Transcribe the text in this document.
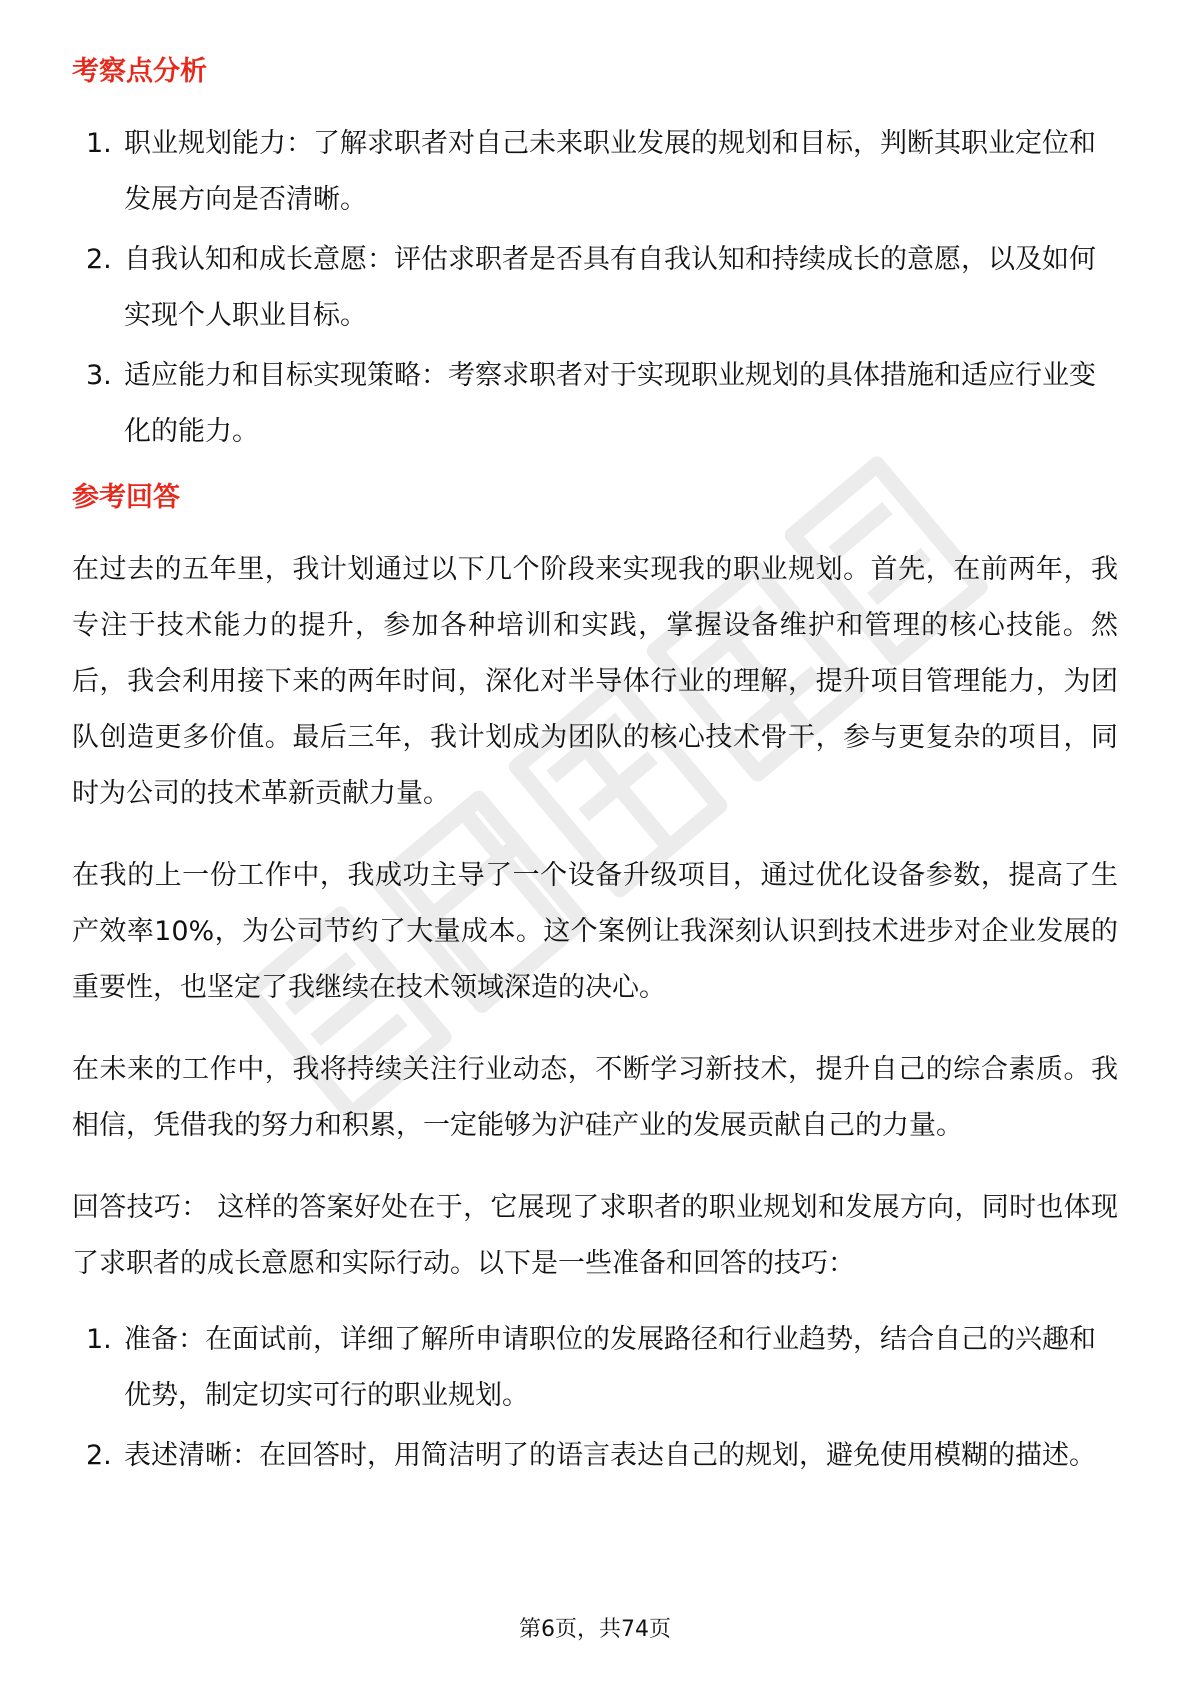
考察点分析
1. 职业规划能力：了解求职者对自己未来职业发展的规划和目标，判断其职业定位和发展方向是否清晰。
2. 自我认知和成长意愿：评估求职者是否具有自我认知和持续成长的意愿，以及如何实现个人职业目标。
3. 适应能力和目标实现策略：考察求职者对于实现职业规划的具体措施和适应行业变化的能力。
参考回答

在过去的五年里，我计划通过以下几个阶段来实现我的职业规划。首先，在前两年，我专注于技术能力的提升，参加各种培训和实践，掌握设备维护和管理的核心技能。然后，我会利用接下来的两年时间，深化对半导体行业的理解，提升项目管理能力，为团队创造更多价值。最后三年，我计划成为团队的核心技术骨干，参与更复杂的项目，同时为公司的技术革新贡献力量。

在我的上一份工作中，我成功主导了一个设备升级项目，通过优化设备参数，提高了生产效率10%，为公司节约了大量成本。这个案例让我深刻认识到技术进步对企业发展的重要性，也坚定了我继续在技术领域深造的决心。

在未来的工作中，我将持续关注行业动态，不断学习新技术，提升自己的综合素质。我相信，凭借我的努力和积累，一定能够为沪硅产业的发展贡献自己的力量。

回答技巧： 这样的答案好处在于，它展现了求职者的职业规划和发展方向，同时也体现了求职者的成长意愿和实际行动。以下是一些准备和回答的技巧：

1. 准备：在面试前，详细了解所申请职位的发展路径和行业趋势，结合自己的兴趣和优势，制定切实可行的职业规划。
2. 表述清晰：在回答时，用简洁明了的语言表达自己的规划，避免使用模糊的描述。
第6页，共74页
